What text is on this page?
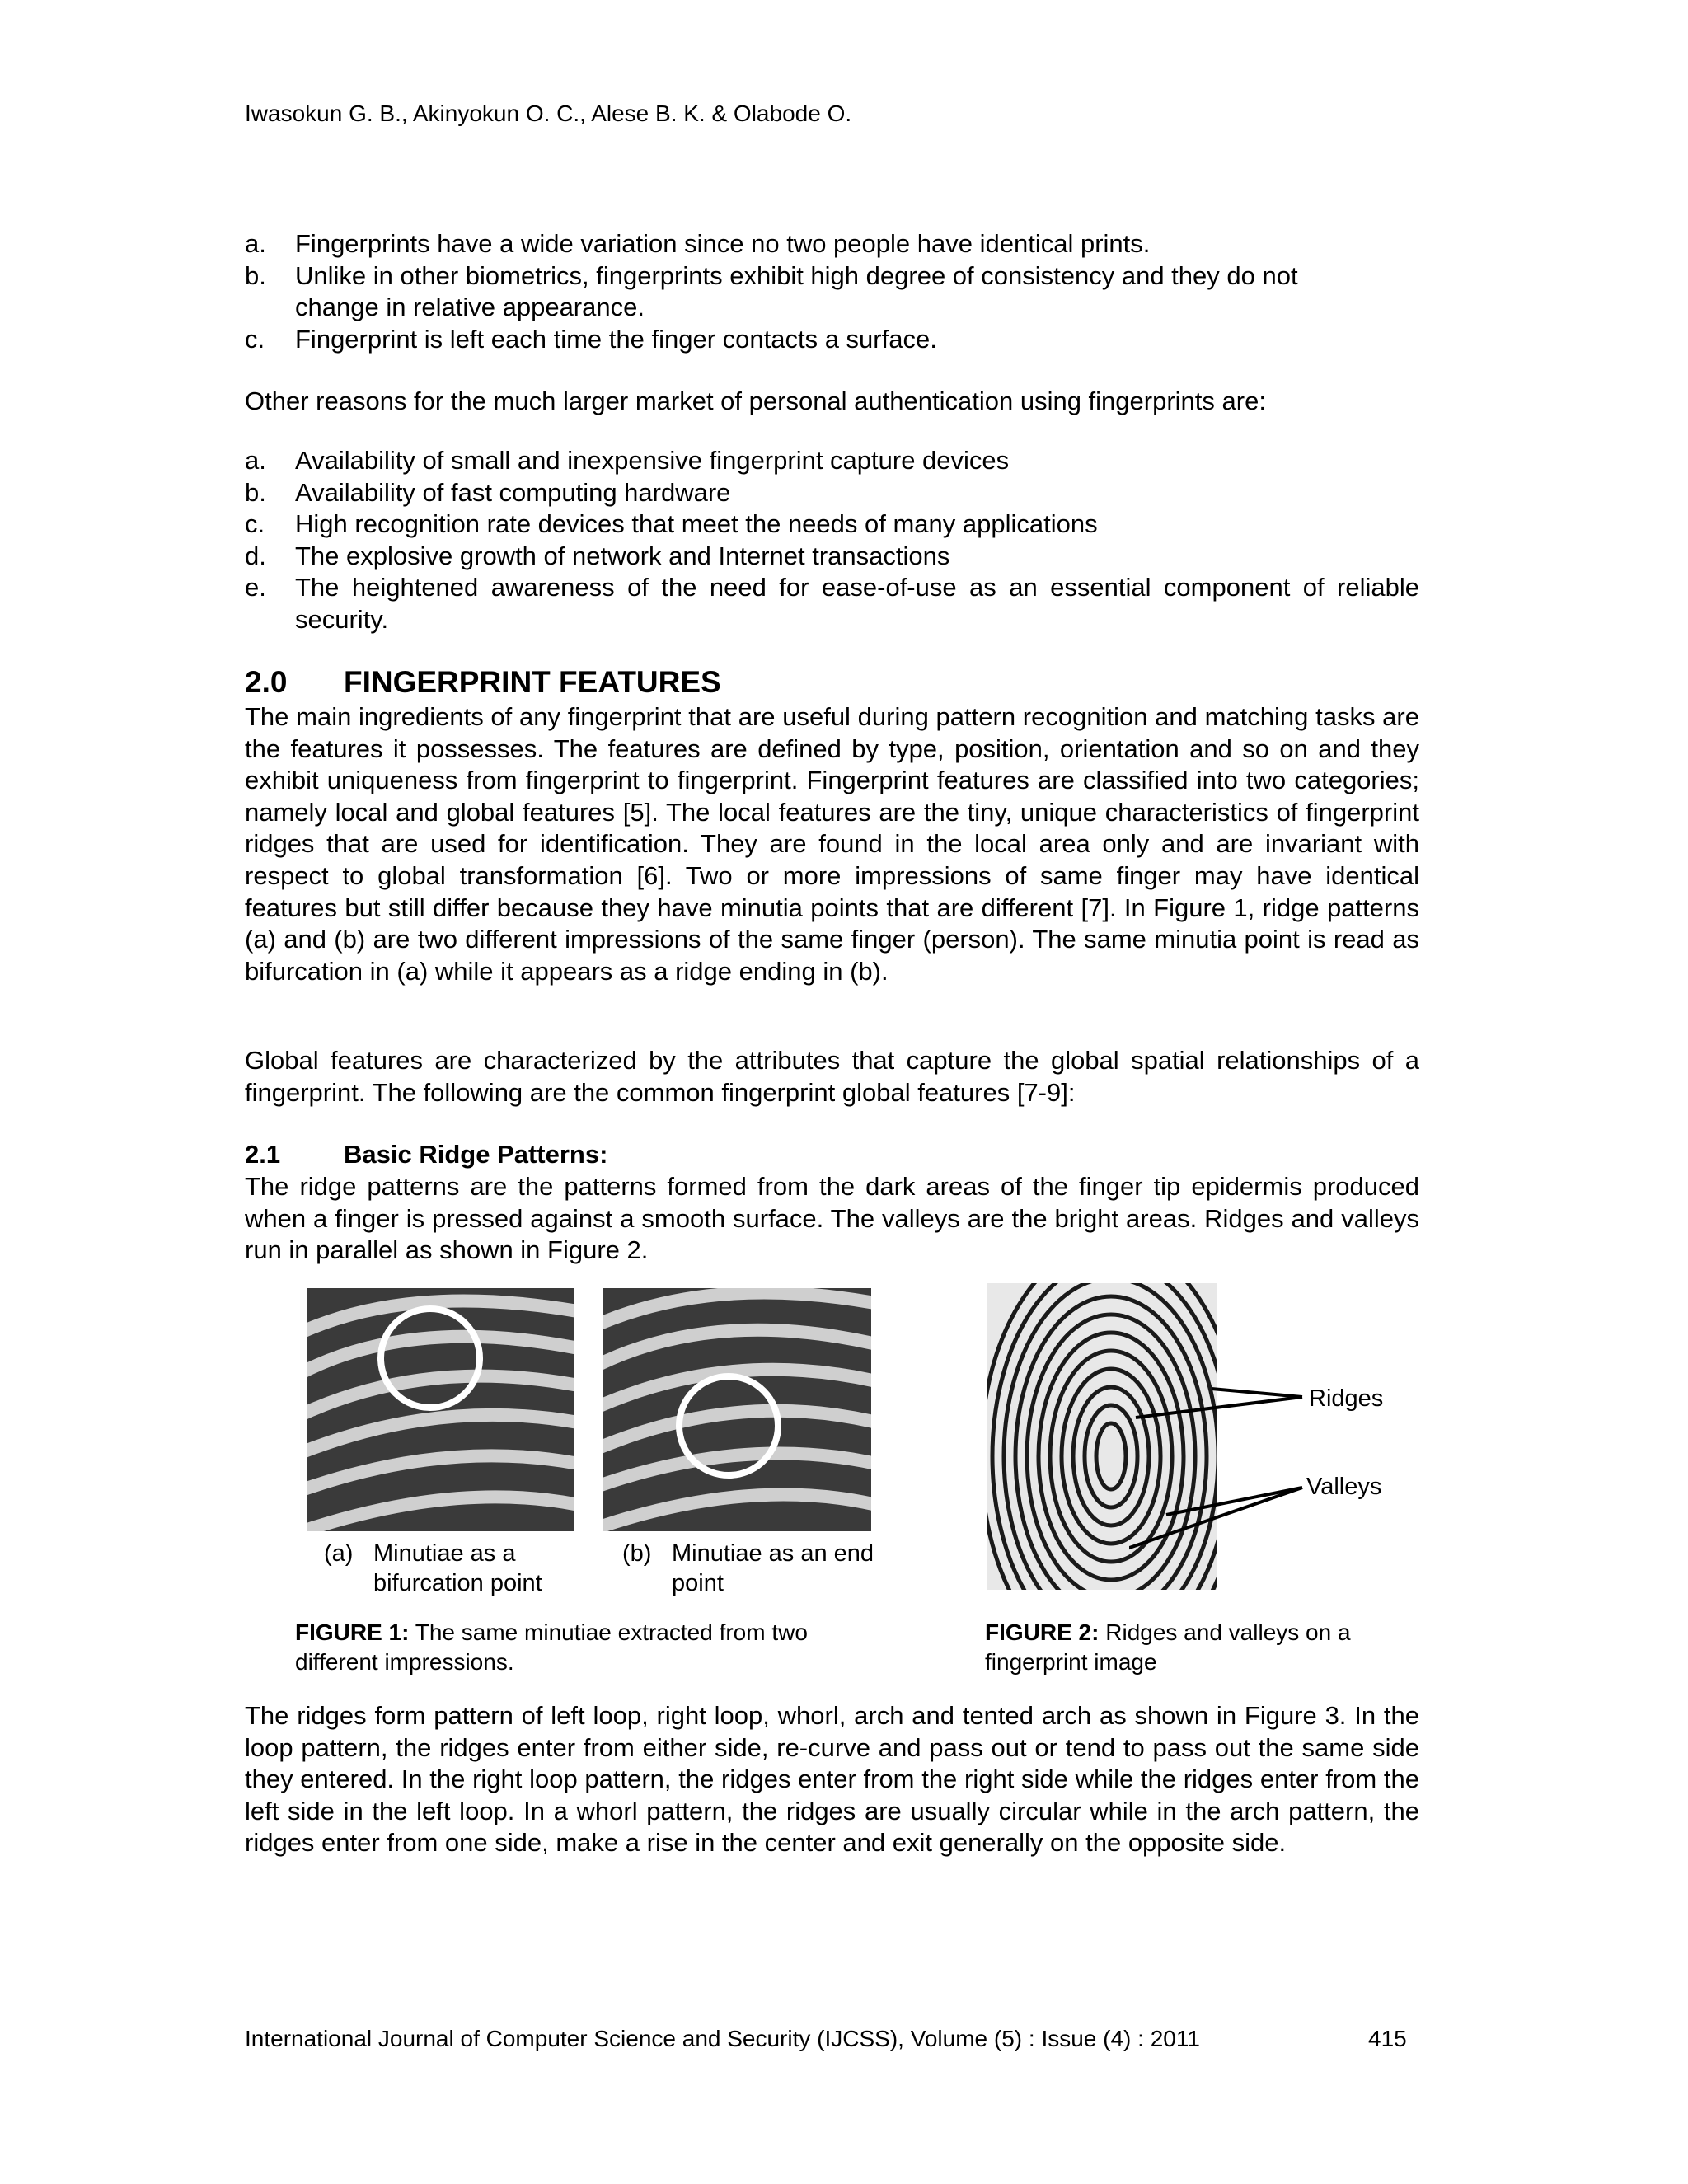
Iwasokun G. B., Akinyokun O. C., Alese B. K. & Olabode O.
a. Fingerprints have a wide variation since no two people have identical prints.
b. Unlike in other biometrics, fingerprints exhibit high degree of consistency and they do not change in relative appearance.
c. Fingerprint is left each time the finger contacts a surface.
Other reasons for the much larger market of personal authentication using fingerprints are:
a. Availability of small and inexpensive fingerprint capture devices
b. Availability of fast computing hardware
c. High recognition rate devices that meet the needs of many applications
d. The explosive growth of network and Internet transactions
e. The heightened awareness of the need for ease-of-use as an essential component of reliable security.
2.0 FINGERPRINT FEATURES
The main ingredients of any fingerprint that are useful during pattern recognition and matching tasks are the features it possesses. The features are defined by type, position, orientation and so on and they exhibit uniqueness from fingerprint to fingerprint. Fingerprint features are classified into two categories; namely local and global features [5]. The local features are the tiny, unique characteristics of fingerprint ridges that are used for identification. They are found in the local area only and are invariant with respect to global transformation [6]. Two or more impressions of same finger may have identical features but still differ because they have minutia points that are different [7]. In Figure 1, ridge patterns (a) and (b) are two different impressions of the same finger (person). The same minutia point is read as bifurcation in (a) while it appears as a ridge ending in (b).
Global features are characterized by the attributes that capture the global spatial relationships of a fingerprint. The following are the common fingerprint global features [7-9]:
2.1 Basic Ridge Patterns:
The ridge patterns are the patterns formed from the dark areas of the finger tip epidermis produced when a finger is pressed against a smooth surface. The valleys are the bright areas. Ridges and valleys run in parallel as shown in Figure 2.
Ridges
Valleys
(a) Minutiae as a bifurcation point
(b) Minutiae as an end point
FIGURE 1: The same minutiae extracted from two different impressions.
FIGURE 2: Ridges and valleys on a fingerprint image
The ridges form pattern of left loop, right loop, whorl, arch and tented arch as shown in Figure 3. In the loop pattern, the ridges enter from either side, re-curve and pass out or tend to pass out the same side they entered. In the right loop pattern, the ridges enter from the right side while the ridges enter from the left side in the left loop. In a whorl pattern, the ridges are usually circular while in the arch pattern, the ridges enter from one side, make a rise in the center and exit generally on the opposite side.
International Journal of Computer Science and Security (IJCSS), Volume (5) : Issue (4) : 2011	415
